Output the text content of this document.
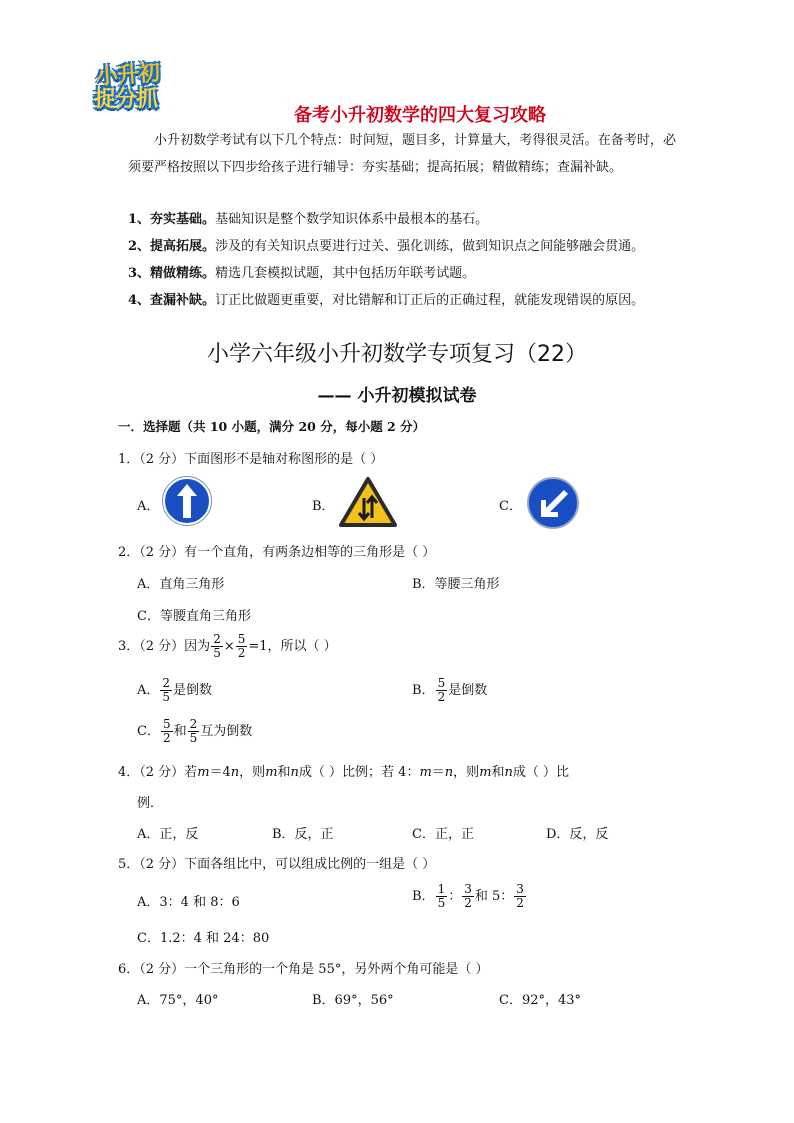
小升初
捉分抓
备考小升初数学的四大复习攻略
小升初数学考试有以下几个特点：时间短，题目多，计算量大，考得很灵活。在备考时，必须要严格按照以下四步给孩子进行辅导：夯实基础；提高拓展；精做精练；查漏补缺。
1、夯实基础。基础知识是整个数学知识体系中最根本的基石。
2、提高拓展。涉及的有关知识点要进行过关、强化训练，做到知识点之间能够融会贯通。
3、精做精练。精选几套模拟试题，其中包括历年联考试题。
4、查漏补缺。订正比做题更重要，对比错解和订正后的正确过程，就能发现错误的原因。
小学六年级小升初数学专项复习（22）
—— 小升初模拟试卷
一．选择题（共 10 小题，满分 20 分，每小题 2 分）
1．（2 分）下面图形不是轴对称图形的是（ ）
A．	B．	C．
2．（2 分）有一个直角，有两条边相等的三角形是（ ）
A．直角三角形	B．等腰三角形
C．等腰直角三角形
3．（2 分）因为 $\frac{2}{5} \times \frac{5}{2} =1$，所以（ ）
A． $\frac{2}{5}$ 是倒数	B． $\frac{5}{2}$ 是倒数
C． $\frac{5}{2}$ 和 $\frac{2}{5}$ 互为倒数
4．（2 分）若m＝4n，则m和n成（ ）比例；若 4：m＝n，则m和n成（ ）比
例．
A．正，反	B．反，正	C．正，正	D．反，反
5．（2 分）下面各组比中，可以组成比例的一组是（ ）
A．3：4 和 8：6	B． $\frac{1}{5}$ ： $\frac{3}{2}$ 和 5： $\frac{3}{2}$
C．1.2：4 和 24：80
6．（2 分）一个三角形的一个角是 55°，另外两个角可能是（ ）
A．75°，40°	B．69°，56°	C．92°，43°
